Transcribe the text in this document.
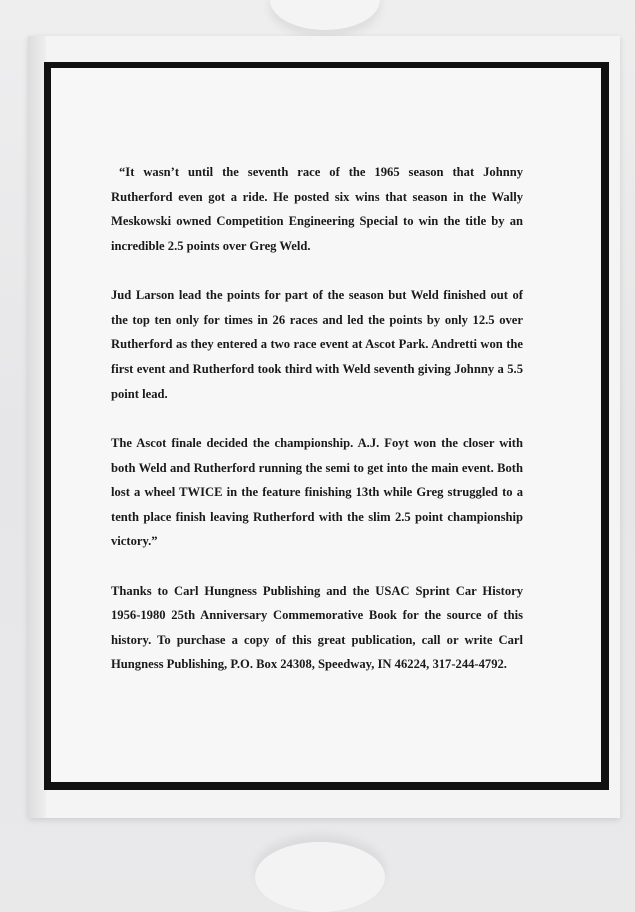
“It wasn’t until the seventh race of the 1965 season that Johnny Rutherford even got a ride. He posted six wins that season in the Wally Meskowski owned Competition Engineering Special to win the title by an incredible 2.5 points over Greg Weld.

Jud Larson lead the points for part of the season but Weld finished out of the top ten only for times in 26 races and led the points by only 12.5 over Rutherford as they entered a two race event at Ascot Park. Andretti won the first event and Rutherford took third with Weld seventh giving Johnny a 5.5 point lead.

The Ascot finale decided the championship. A.J. Foyt won the closer with both Weld and Rutherford running the semi to get into the main event. Both lost a wheel TWICE in the feature finishing 13th while Greg struggled to a tenth place finish leaving Rutherford with the slim 2.5 point championship victory.”

Thanks to Carl Hungness Publishing and the USAC Sprint Car History 1956-1980 25th Anniversary Commemorative Book for the source of this history. To purchase a copy of this great publication, call or write Carl Hungness Publishing, P.O. Box 24308, Speedway, IN 46224, 317-244-4792.
